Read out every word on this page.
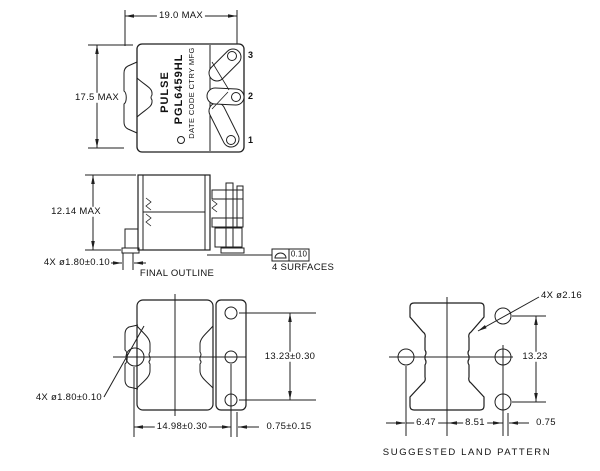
19.0 MAX
17.5 MAX	PULSE PGL6459HL DATE CODE CTRY MFG	3
2
1
12.14 MAX
4X ø1.80±0.10
FINAL OUTLINE
0.10
4 SURFACES
13.23±0.30
4X ø1.80±0.10
14.98±0.30	0.75±0.15
4X ø2.16
13.23
6.47	8.51	0.75
SUGGESTED LAND PATTERN
